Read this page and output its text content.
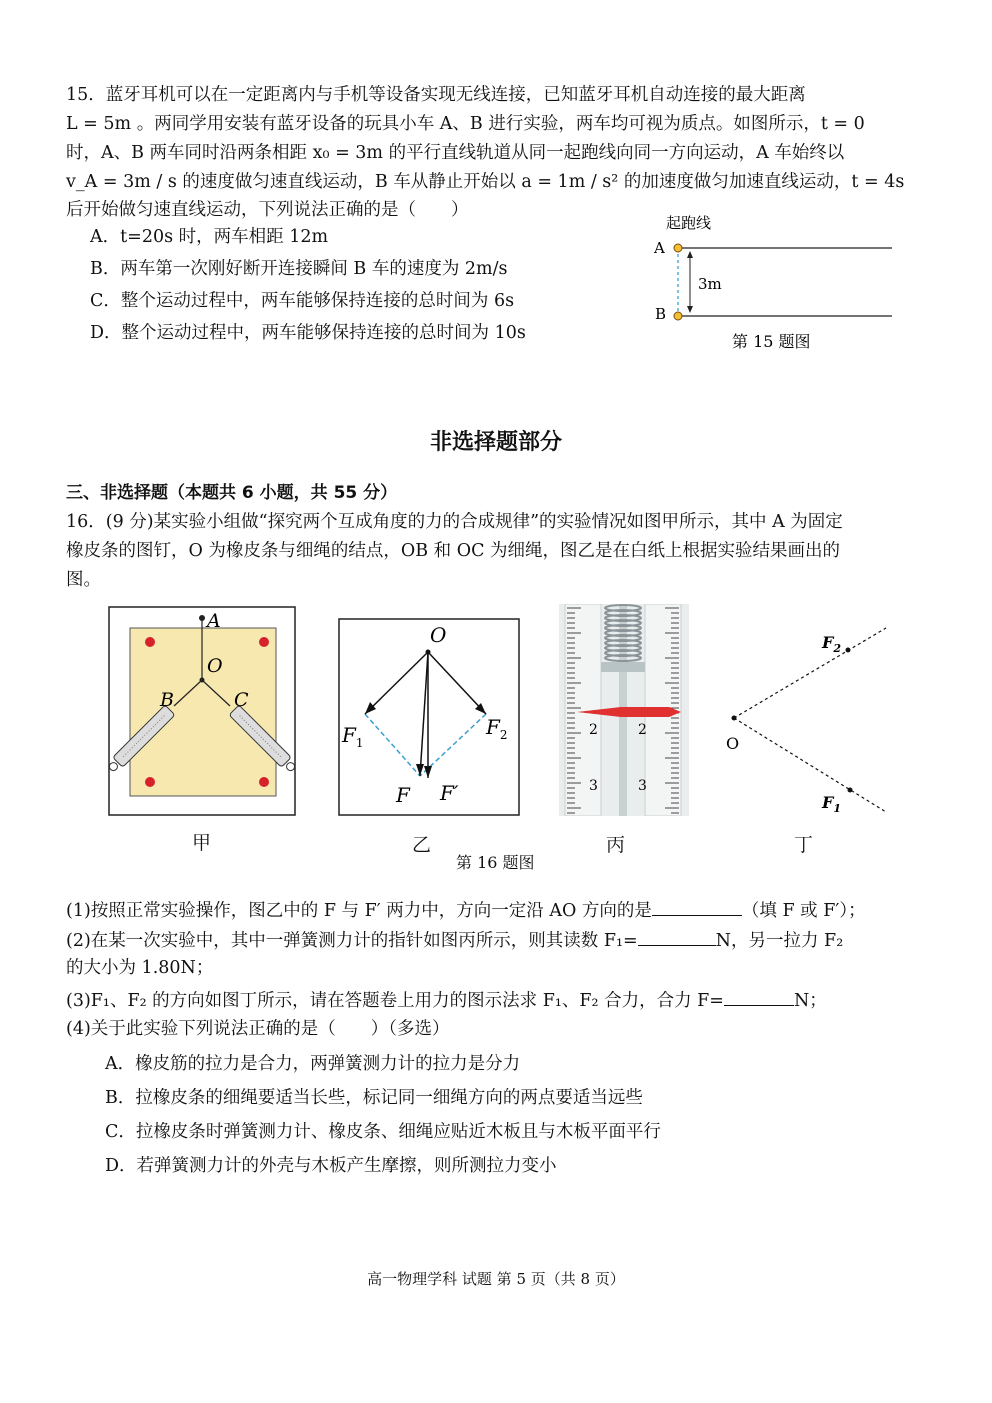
15．蓝牙耳机可以在一定距离内与手机等设备实现无线连接，已知蓝牙耳机自动连接的最大距离
L = 5m 。两同学用安装有蓝牙设备的玩具小车 A、B 进行实验，两车均可视为质点。如图所示，t = 0
时，A、B 两车同时沿两条相距 x₀ = 3m 的平行直线轨道从同一起跑线向同一方向运动，A 车始终以
v_A = 3m / s 的速度做匀速直线运动，B 车从静止开始以 a = 1m / s² 的加速度做匀加速直线运动，t = 4s
后开始做匀速直线运动，下列说法正确的是（　　）
A．t=20s 时，两车相距 12m
B．两车第一次刚好断开连接瞬间 B 车的速度为 2m/s
C．整个运动过程中，两车能够保持连接的总时间为 6s
D．整个运动过程中，两车能够保持连接的总时间为 10s
起跑线
A
B
3m
第 15 题图
非选择题部分
三、非选择题（本题共 6 小题，共 55 分）
16．(9 分)某实验小组做“探究两个互成角度的力的合成规律”的实验情况如图甲所示，其中 A 为固定
橡皮条的图钉，O 为橡皮条与细绳的结点，OB 和 OC 为细绳，图乙是在白纸上根据实验结果画出的
图。
A
O
B	C
甲
O
$F_1$
$F_2$
F F′
乙
2	2
3	3
丙
O
$F_2$
$F_1$
丁
第 16 题图
(1)按照正常实验操作，图乙中的 F 与 F′ 两力中，方向一定沿 AO 方向的是	（填 F 或 F′）；
(2)在某一次实验中，其中一弹簧测力计的指针如图丙所示，则其读数 F₁=	N，另一拉力 F₂
的大小为 1.80N；
(3)F₁、F₂ 的方向如图丁所示，请在答题卷上用力的图示法求 F₁、F₂ 合力，合力 F=	N；
(4)关于此实验下列说法正确的是（　　）（多选）
A．橡皮筋的拉力是合力，两弹簧测力计的拉力是分力
B．拉橡皮条的细绳要适当长些，标记同一细绳方向的两点要适当远些
C．拉橡皮条时弹簧测力计、橡皮条、细绳应贴近木板且与木板平面平行
D．若弹簧测力计的外壳与木板产生摩擦，则所测拉力变小
高一物理学科 试题 第 5 页（共 8 页）
